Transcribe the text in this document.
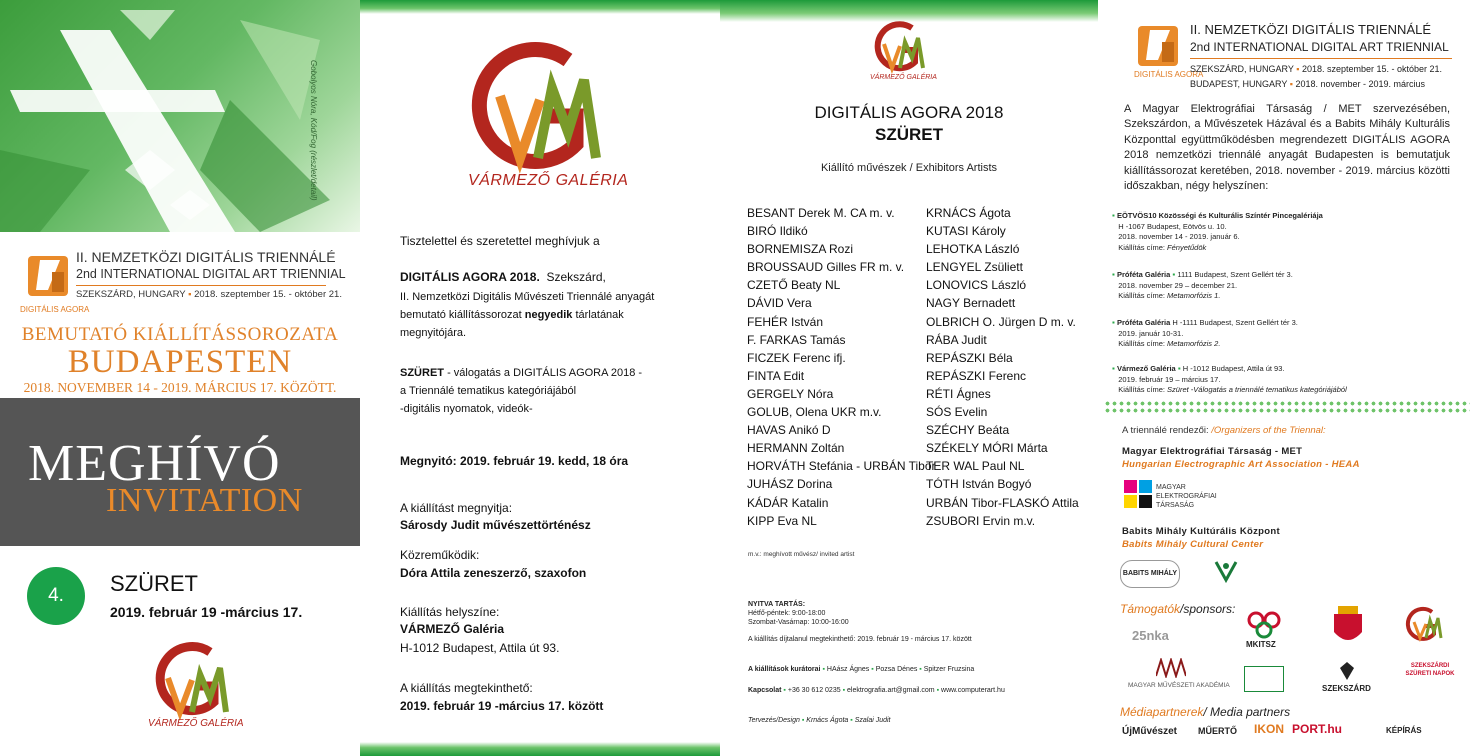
Gobolyos Nóra, Kód/Fog (részlet/detail)
DIGITÁLIS AGORA
II. NEMZETKÖZI DIGITÁLIS TRIENNÁLÉ
2nd INTERNATIONAL DIGITAL ART TRIENNIAL
SZEKSZÁRD, HUNGARY ▪ 2018. szeptember 15. - október 21.
BEMUTATÓ KIÁLLÍTÁSSOROZATA
BUDAPESTEN
2018. NOVEMBER 14 - 2019. MÁRCIUS 17. KÖZÖTT.
MEGHÍVÓ
INVITATION
4.	SZÜRET
2019. február 19 -március 17.
VÁRMEZŐ GALÉRIA
VÁRMEZŐ GALÉRIA
Tisztelettel és szeretettel meghívjuk a
DIGITÁLIS AGORA 2018. Szekszárd,
II. Nemzetközi Digitális Művészeti Triennálé anyagát
bemutató kiállítássorozat negyedik tárlatának
megnyitójára.
SZÜRET - válogatás a DIGITÁLIS AGORA 2018 -
a Triennálé tematikus kategóriájából
-digitális nyomatok, videók-
Megnyitó: 2019. február 19. kedd, 18 óra
A kiállítást megnyitja:
Sárosdy Judit művészettörténész
Közreműködik:
Dóra Attila zeneszerző, szaxofon
Kiállítás helyszíne:
VÁRMEZŐ Galéria
H-1012 Budapest, Attila út 93.
A kiállítás megtekinthető:
2019. február 19 -március 17. között
VÁRMEZŐ GALÉRIA
DIGITÁLIS AGORA 2018
SZÜRET
Kiállító művészek / Exhibitors Artists
BESANT Derek M. CA m. v.
BIRÓ Ildikó
BORNEMISZA Rozi
BROUSSAUD Gilles FR m. v.
CZETŐ Beaty NL
DÁVID Vera
FEHÉR István
F. FARKAS Tamás
FICZEK Ferenc ifj.
FINTA Edit
GERGELY Nóra
GOLUB, Olena UKR m.v.
HAVAS Anikó D
HERMANN Zoltán
HORVÁTH Stefánia - URBÁN Tibor
JUHÁSZ Dorina
KÁDÁR Katalin
KIPP Eva NL
KRNÁCS Ágota
KUTASI Károly
LEHOTKA László
LENGYEL Zsüliett
LONOVICS László
NAGY Bernadett
OLBRICH O. Jürgen D m. v.
RÁBA Judit
REPÁSZKI Béla
REPÁSZKI Ferenc
RÉTI Ágnes
SÓS Evelin
SZÉCHY Beáta
SZÉKELY MÓRI Márta
TER WAL Paul NL
TÓTH István Bogyó
URBÁN Tibor-FLASKÓ Attila
ZSUBORI Ervin m.v.
m.v.: meghívott művész/ invited artist
NYITVA TARTÁS:
Hétfő-péntek: 9:00-18:00
Szombat-Vasárnap: 10:00-16:00
A kiállítás díjtalanul megtekinthető: 2019. február 19 - március 17. között
A kiállítások kurátorai ▪ HAász Ágnes ▪ Pozsa Dénes ▪ Spitzer Fruzsina
Kapcsolat ▪ +36 30 612 0235 ▪ elektrografia.art@gmail.com ▪ www.computerart.hu
Tervezés/Design ▪ Krnács Ágota ▪ Szalai Judit
DIGITÁLIS AGORA
II. NEMZETKÖZI DIGITÁLIS TRIENNÁLÉ
2nd INTERNATIONAL DIGITAL ART TRIENNIAL
SZEKSZÁRD, HUNGARY ▪ 2018. szeptember 15. - október 21.
BUDAPEST, HUNGARY ▪ 2018. november - 2019. március
A Magyar Elektrográfiai Társaság / MET szervezésében, Szekszárdon, a Művészetek Házával és a Babits Mihály Kulturális Központtal együttműködésben megrendezett DIGITÁLIS AGORA 2018 nemzetközi triennálé anyagát Budapesten is bemutatjuk kiállítássorozat keretében, 2018. november - 2019. március közötti időszakban, négy helyszínen:
▪ EÖTVÖS10 Közösségi és Kulturális Színtér Pincegalériája
H -1067 Budapest, Eötvös u. 10.
2018. november 14 - 2019. január 6.
Kiállítás címe: Fényetűdök
▪ Próféta Galéria ▪ 1111 Budapest, Szent Gellért tér 3.
2018. november 29 – december 21.
Kiállítás címe: Metamorfózis 1.
▪ Próféta Galéria H -1111 Budapest, Szent Gellért tér 3.
2019. január 10-31.
Kiállítás címe: Metamorfózis 2.
▪ Vármező Galéria ▪ H -1012 Budapest, Attila út 93.
2019. február 19 – március 17.
Kiállítás címe: Szüret -Válogatás a triennálé tematikus kategóriájából
A triennálé rendezői: /Organizers of the Triennal:
Magyar Elektrográfiai Társaság - MET
Hungarian Electrographic Art Association - HEAA
MAGYAR
ELEKTROGRÁFIAI
TÁRSASÁG
Babits Mihály Kultúrális Központ
Babits Mihály Cultural Center
BABITS MIHÁLY
Támogatók/sponsors:
25nka
MKITSZ
MAGYAR MŰVÉSZETI AKADÉMIA	SZEKSZÁRD
SZEKSZÁRDI SZÜRETI NAPOK
Médiapartnerek/ Media partners
ÚjMűvészet MŰERTŐ IKON PORT.hu	KÉPÍRÁS
